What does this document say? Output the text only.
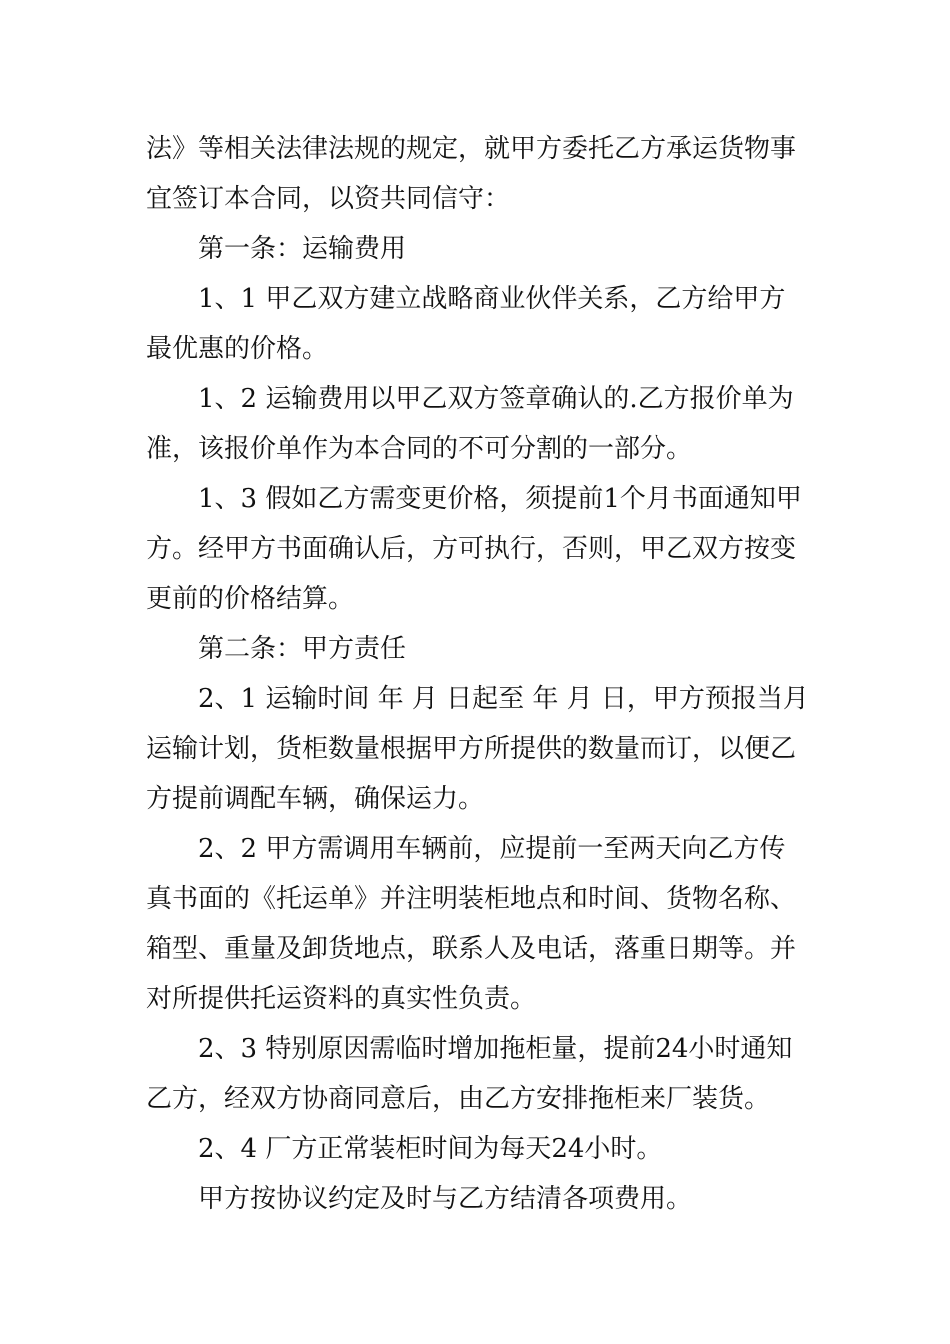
法》等相关法律法规的规定，就甲方委托乙方承运货物事宜签订本合同，以资共同信守：

第一条：运输费用

1、1 甲乙双方建立战略商业伙伴关系，乙方给甲方最优惠的价格。

1、2 运输费用以甲乙双方签章确认的.乙方报价单为准，该报价单作为本合同的不可分割的一部分。

1、3 假如乙方需变更价格，须提前1个月书面通知甲方。经甲方书面确认后，方可执行，否则，甲乙双方按变更前的价格结算。

第二条：甲方责任

2、1 运输时间 年 月 日起至 年 月 日，甲方预报当月运输计划，货柜数量根据甲方所提供的数量而订，以便乙方提前调配车辆，确保运力。

2、2 甲方需调用车辆前，应提前一至两天向乙方传真书面的《托运单》并注明装柜地点和时间、货物名称、箱型、重量及卸货地点，联系人及电话，落重日期等。并对所提供托运资料的真实性负责。

2、3 特别原因需临时增加拖柜量，提前24小时通知乙方，经双方协商同意后，由乙方安排拖柜来厂装货。

2、4 厂方正常装柜时间为每天24小时。

甲方按协议约定及时与乙方结清各项费用。
